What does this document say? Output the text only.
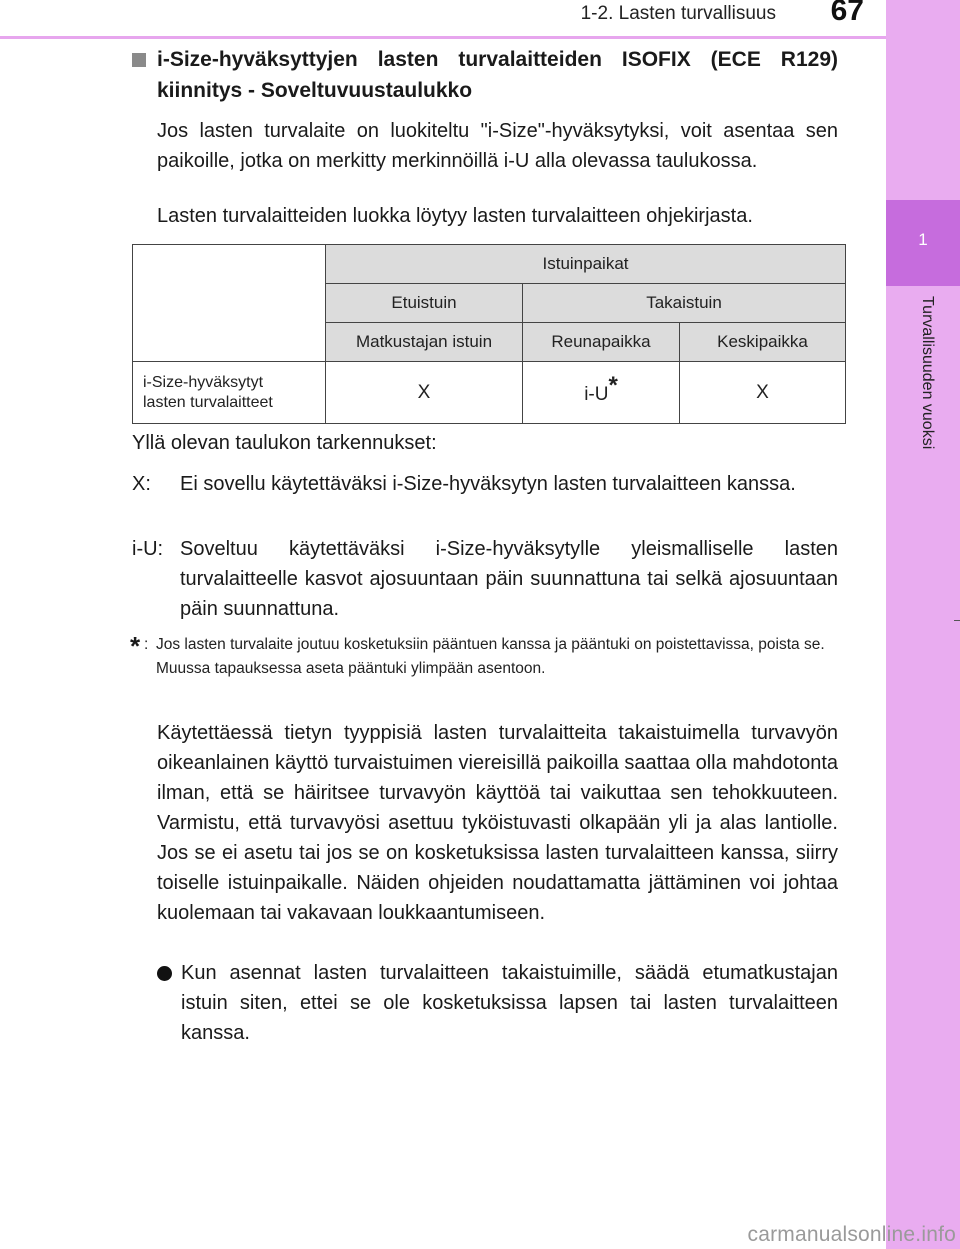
1-2. Lasten turvallisuus 67
1
Turvallisuuden vuoksi
i-Size-hyväksyttyjen lasten turvalaitteiden ISOFIX (ECE R129) kiinnitys - Soveltuvuustaulukko
Jos lasten turvalaite on luokiteltu "i-Size"-hyväksytyksi, voit asentaa sen paikoille, jotka on merkitty merkinnöillä i-U alla olevassa taulukossa.
Lasten turvalaitteiden luokka löytyy lasten turvalaitteen ohjekirjasta.
	Istuinpaikat		
	Etuistuin	Takaistuin	
	Matkustajan istuin	Reunapaikka	Keskipaikka
i-Size-hyväksytyt
lasten turvalaitteet	X	i-U*	X
Yllä olevan taulukon tarkennukset:
X: Ei sovellu käytettäväksi i-Size-hyväksytyn lasten turvalaitteen kanssa.
i-U: Soveltuu käytettäväksi i-Size-hyväksytylle yleismalliselle lasten turvalaitteelle kasvot ajosuuntaan päin suunnattuna tai selkä ajosuuntaan päin suunnattuna.
* : Jos lasten turvalaite joutuu kosketuksiin pääntuen kanssa ja pääntuki on poistettavissa, poista se.
Muussa tapauksessa aseta pääntuki ylimpään asentoon.
Käytettäessä tietyn tyyppisiä lasten turvalaitteita takaistuimella turvavyön oikeanlainen käyttö turvaistuimen viereisillä paikoilla saattaa olla mahdotonta ilman, että se häiritsee turvavyön käyttöä tai vaikuttaa sen tehokkuuteen. Varmistu, että turvavyösi asettuu tyköistuvasti olkapään yli ja alas lantiolle. Jos se ei asetu tai jos se on kosketuksissa lasten turvalaitteen kanssa, siirry toiselle istuinpaikalle. Näiden ohjeiden noudattamatta jättäminen voi johtaa kuolemaan tai vakavaan loukkaantumiseen.
Kun asennat lasten turvalaitteen takaistuimille, säädä etumatkustajan istuin siten, ettei se ole kosketuksissa lapsen tai lasten turvalaitteen kanssa.
carmanualsonline.info
